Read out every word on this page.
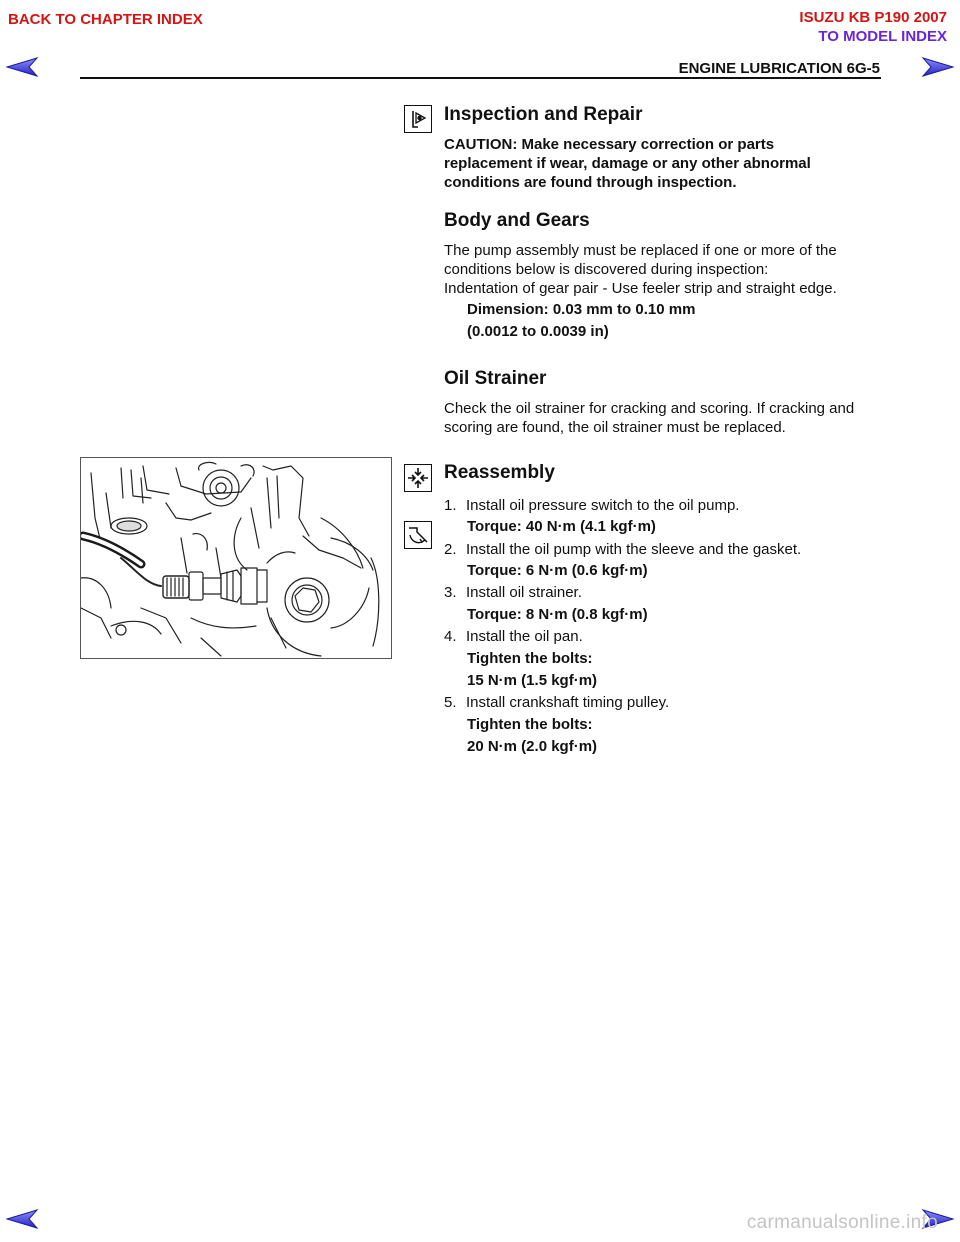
BACK TO CHAPTER INDEX	ISUZU KB P190 2007
TO MODEL INDEX
ENGINE LUBRICATION 6G-5
Inspection and Repair
CAUTION: Make necessary correction or parts replacement if wear, damage or any other abnormal conditions are found through inspection.
Body and Gears
The pump assembly must be replaced if one or more of the
conditions below is discovered during inspection:
Indentation of gear pair - Use feeler strip and straight edge.
Dimension: 0.03 mm to 0.10 mm
(0.0012 to 0.0039 in)
Oil Strainer
Check the oil strainer for cracking and scoring. If cracking and
scoring are found, the oil strainer must be replaced.
Reassembly
1. Install oil pressure switch to the oil pump.
Torque: 40 N·m (4.1 kgf·m)
2. Install the oil pump with the sleeve and the gasket.
Torque: 6 N·m (0.6 kgf·m)
3. Install oil strainer.
Torque: 8 N·m (0.8 kgf·m)
4. Install the oil pan.
Tighten the bolts:
15 N·m (1.5 kgf·m)
5. Install crankshaft timing pulley.
Tighten the bolts:
20 N·m (2.0 kgf·m)
carmanualsonline.info
